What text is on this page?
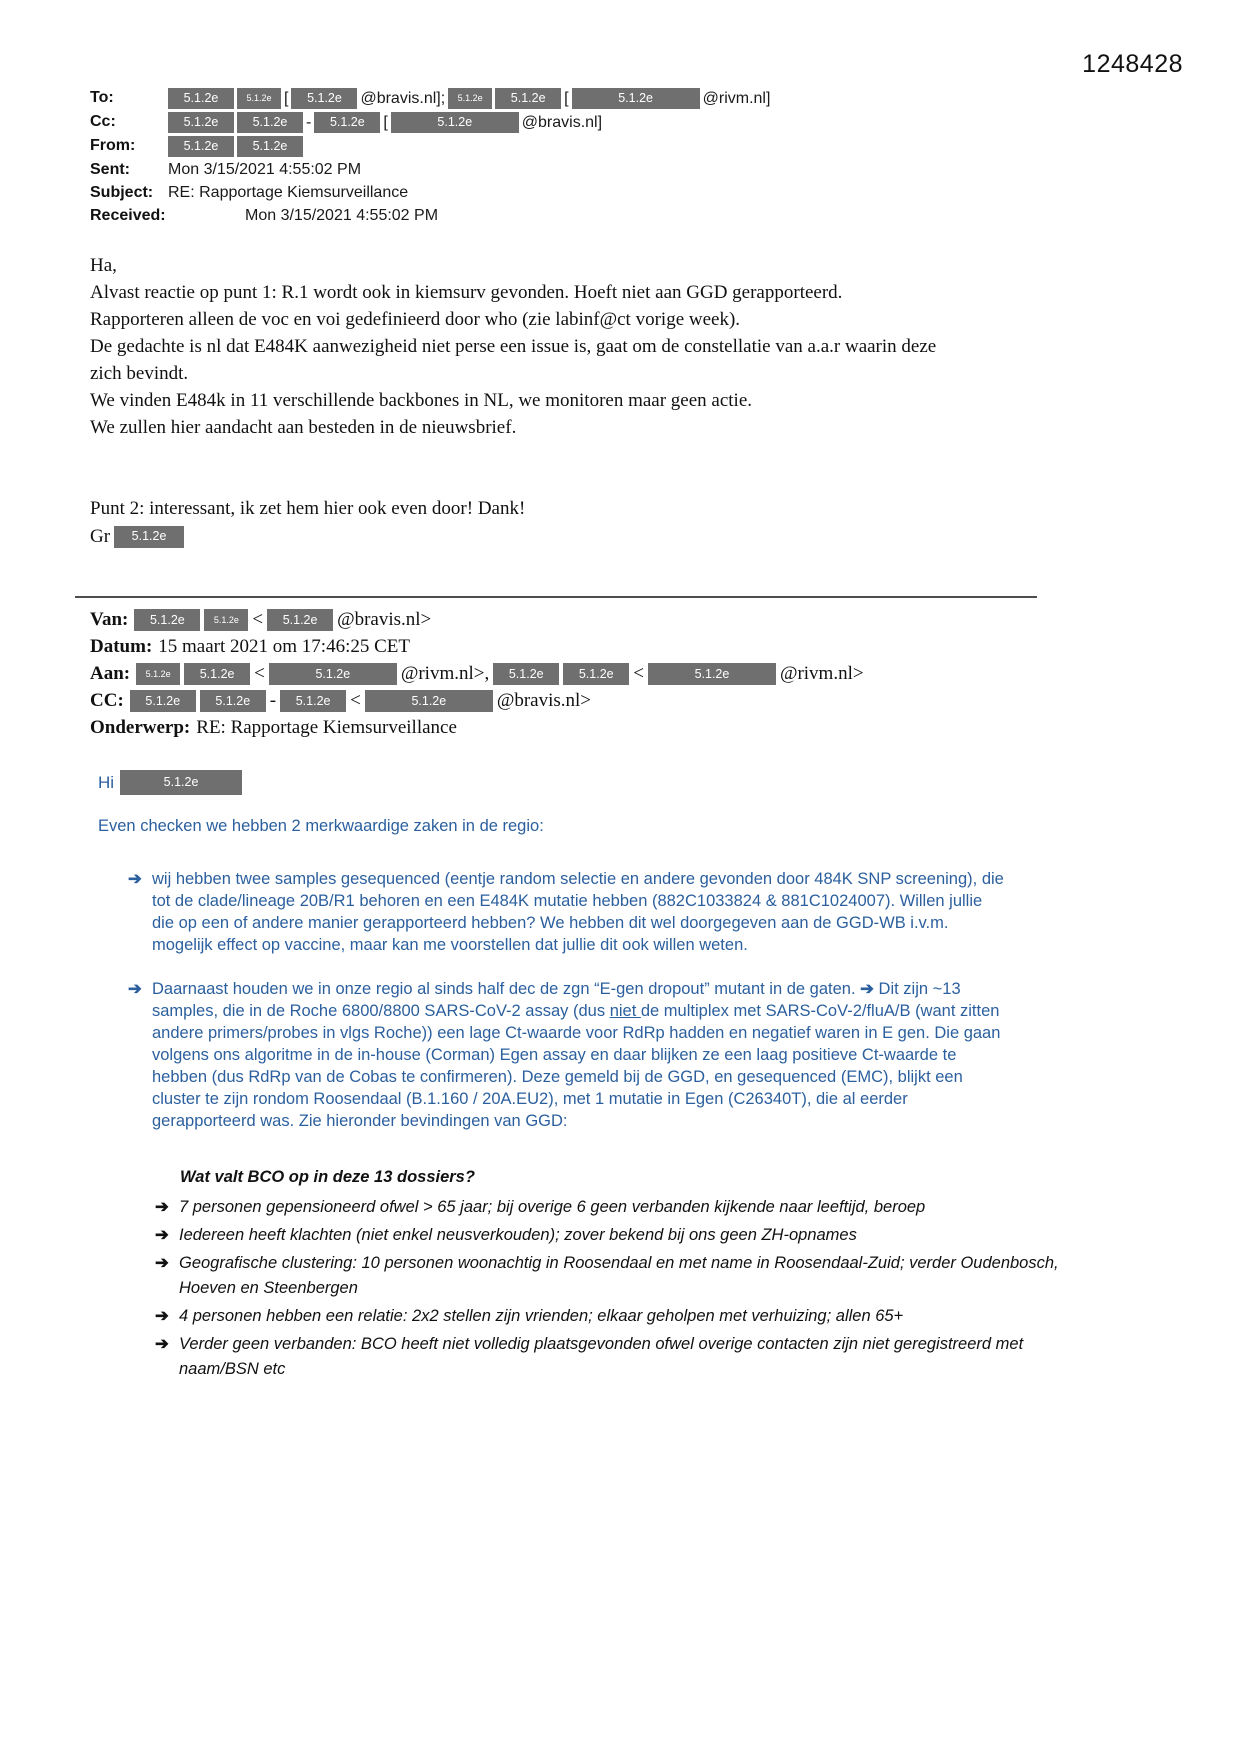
1248428
To:	5.1.2e	5.1.2e [	5.1.2e	@bravis.nl];	5.1.2e	5.1.2e	[	5.1.2e	@rivm.nl]
Cc:	5.1.2e	5.1.2e	-	5.1.2e	[	5.1.2e	@bravis.nl]
From:	5.1.2e	5.1.2e
Sent:	Mon 3/15/2021 4:55:02 PM
Subject: RE: Rapportage Kiemsurveillance
Received:	Mon 3/15/2021 4:55:02 PM

Ha,

Alvast reactie op punt 1: R.1 wordt ook in kiemsurv gevonden. Hoeft niet aan GGD gerapporteerd.

Rapporteren alleen de voc en voi gedefinieerd door who (zie labinf@ct vorige week).

De gedachte is nl dat E484K aanwezigheid niet perse een issue is, gaat om de constellatie van a.a.r waarin deze zich bevindt.

We vinden E484k in 11 verschillende backbones in NL, we monitoren maar geen actie.

We zullen hier aandacht aan besteden in de nieuwsbrief.

Punt 2: interessant, ik zet hem hier ook even door! Dank!

Gr	5.1.2e
Van:	5.1.2e	5.1.2e <	5.1.2e	@bravis.nl>
Datum: 15 maart 2021 om 17:46:25 CET
Aan:	5.1.2e	5.1.2e	<	5.1.2e	@rivm.nl>,	5.1.2e	5.1.2e	<	5.1.2e	@rivm.nl>
CC:	5.1.2e	5.1.2e	-	5.1.2e	<	5.1.2e	@bravis.nl>
Onderwerp: RE: Rapportage Kiemsurveillance
Hi	5.1.2e

Even checken we hebben 2 merkwaardige zaken in de regio:

➔ wij hebben twee samples gesequenced (eentje random selectie en andere gevonden door 484K SNP screening), die tot de clade/lineage 20B/R1 behoren en een E484K mutatie hebben (882C1033824 & 881C1024007). Willen jullie die op een of andere manier gerapporteerd hebben? We hebben dit wel doorgegeven aan de GGD-WB i.v.m. mogelijk effect op vaccine, maar kan me voorstellen dat jullie dit ook willen weten.
➔ Daarnaast houden we in onze regio al sinds half dec de zgn “E-gen dropout” mutant in de gaten. ➔ Dit zijn ~13 samples, die in de Roche 6800/8800 SARS-CoV-2 assay (dus niet de multiplex met SARS-CoV-2/fluA/B (want zitten andere primers/probes in vlgs Roche)) een lage Ct-waarde voor RdRp hadden en negatief waren in E gen. Die gaan volgens ons algoritme in de in-house (Corman) Egen assay en daar blijken ze een laag positieve Ct-waarde te hebben (dus RdRp van de Cobas te confirmeren). Deze gemeld bij de GGD, en gesequenced (EMC), blijkt een cluster te zijn rondom Roosendaal (B.1.160 / 20A.EU2), met 1 mutatie in Egen (C26340T), die al eerder gerapporteerd was. Zie hieronder bevindingen van GGD:

Wat valt BCO op in deze 13 dossiers?

➔ 7 personen gepensioneerd ofwel > 65 jaar; bij overige 6 geen verbanden kijkende naar leeftijd, beroep
➔ Iedereen heeft klachten (niet enkel neusverkouden); zover bekend bij ons geen ZH-opnames
➔ Geografische clustering: 10 personen woonachtig in Roosendaal en met name in Roosendaal-Zuid; verder Oudenbosch, Hoeven en Steenbergen
➔ 4 personen hebben een relatie: 2x2 stellen zijn vrienden; elkaar geholpen met verhuizing; allen 65+
➔ Verder geen verbanden: BCO heeft niet volledig plaatsgevonden ofwel overige contacten zijn niet geregistreerd met naam/BSN etc
